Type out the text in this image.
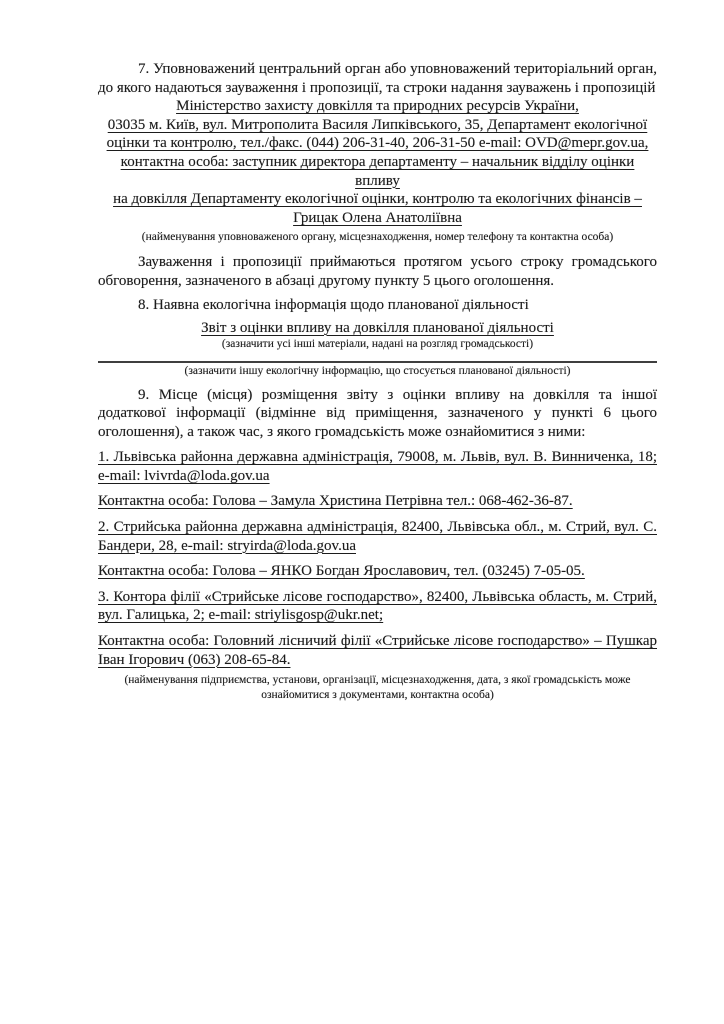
7. Уповноважений центральний орган або уповноважений територіальний орган, до якого надаються зауваження і пропозиції, та строки надання зауважень і пропозицій

Міністерство захисту довкілля та природних ресурсів України,
03035 м. Київ, вул. Митрополита Василя Липківського, 35, Департамент екологічної
оцінки та контролю, тел./факс. (044) 206-31-40, 206-31-50 e-mail: OVD@mepr.gov.ua,
контактна особа: заступник директора департаменту – начальник відділу оцінки впливу
на довкілля Департаменту екологічної оцінки, контролю та екологічних фінансів –
Грицак Олена Анатоліївна

(найменування уповноваженого органу, місцезнаходження, номер телефону та контактна особа)

Зауваження і пропозиції приймаються протягом усього строку громадського обговорення, зазначеного в абзаці другому пункту 5 цього оголошення.

8. Наявна екологічна інформація щодо планованої діяльності

Звіт з оцінки впливу на довкілля планованої діяльності

(зазначити усі інші матеріали, надані на розгляд громадськості)

(зазначити іншу екологічну інформацію, що стосується планованої діяльності)

9. Місце (місця) розміщення звіту з оцінки впливу на довкілля та іншої додаткової інформації (відмінне від приміщення, зазначеного у пункті 6 цього оголошення), а також час, з якого громадськість може ознайомитися з ними:

1. Львівська районна державна адміністрація, 79008, м. Львів, вул. В. Винниченка, 18; e-mail: lvivrda@loda.gov.ua

Контактна особа: Голова – Замула Христина Петрівна тел.: 068-462-36-87.

2. Стрийська районна державна адміністрація, 82400, Львівська обл., м. Стрий, вул. С. Бандери, 28, e-mail: stryirda@loda.gov.ua

Контактна особа: Голова – ЯНКО Богдан Ярославович, тел. (03245) 7-05-05.

3. Контора філії «Стрийське лісове господарство», 82400, Львівська область, м. Стрий, вул. Галицька, 2; e-mail: striylisgosp@ukr.net;

Контактна особа: Головний лісничий філії «Стрийське лісове господарство» – Пушкар Іван Ігорович (063) 208-65-84.

(найменування підприємства, установи, організації, місцезнаходження, дата, з якої громадськість може ознайомитися з документами, контактна особа)
